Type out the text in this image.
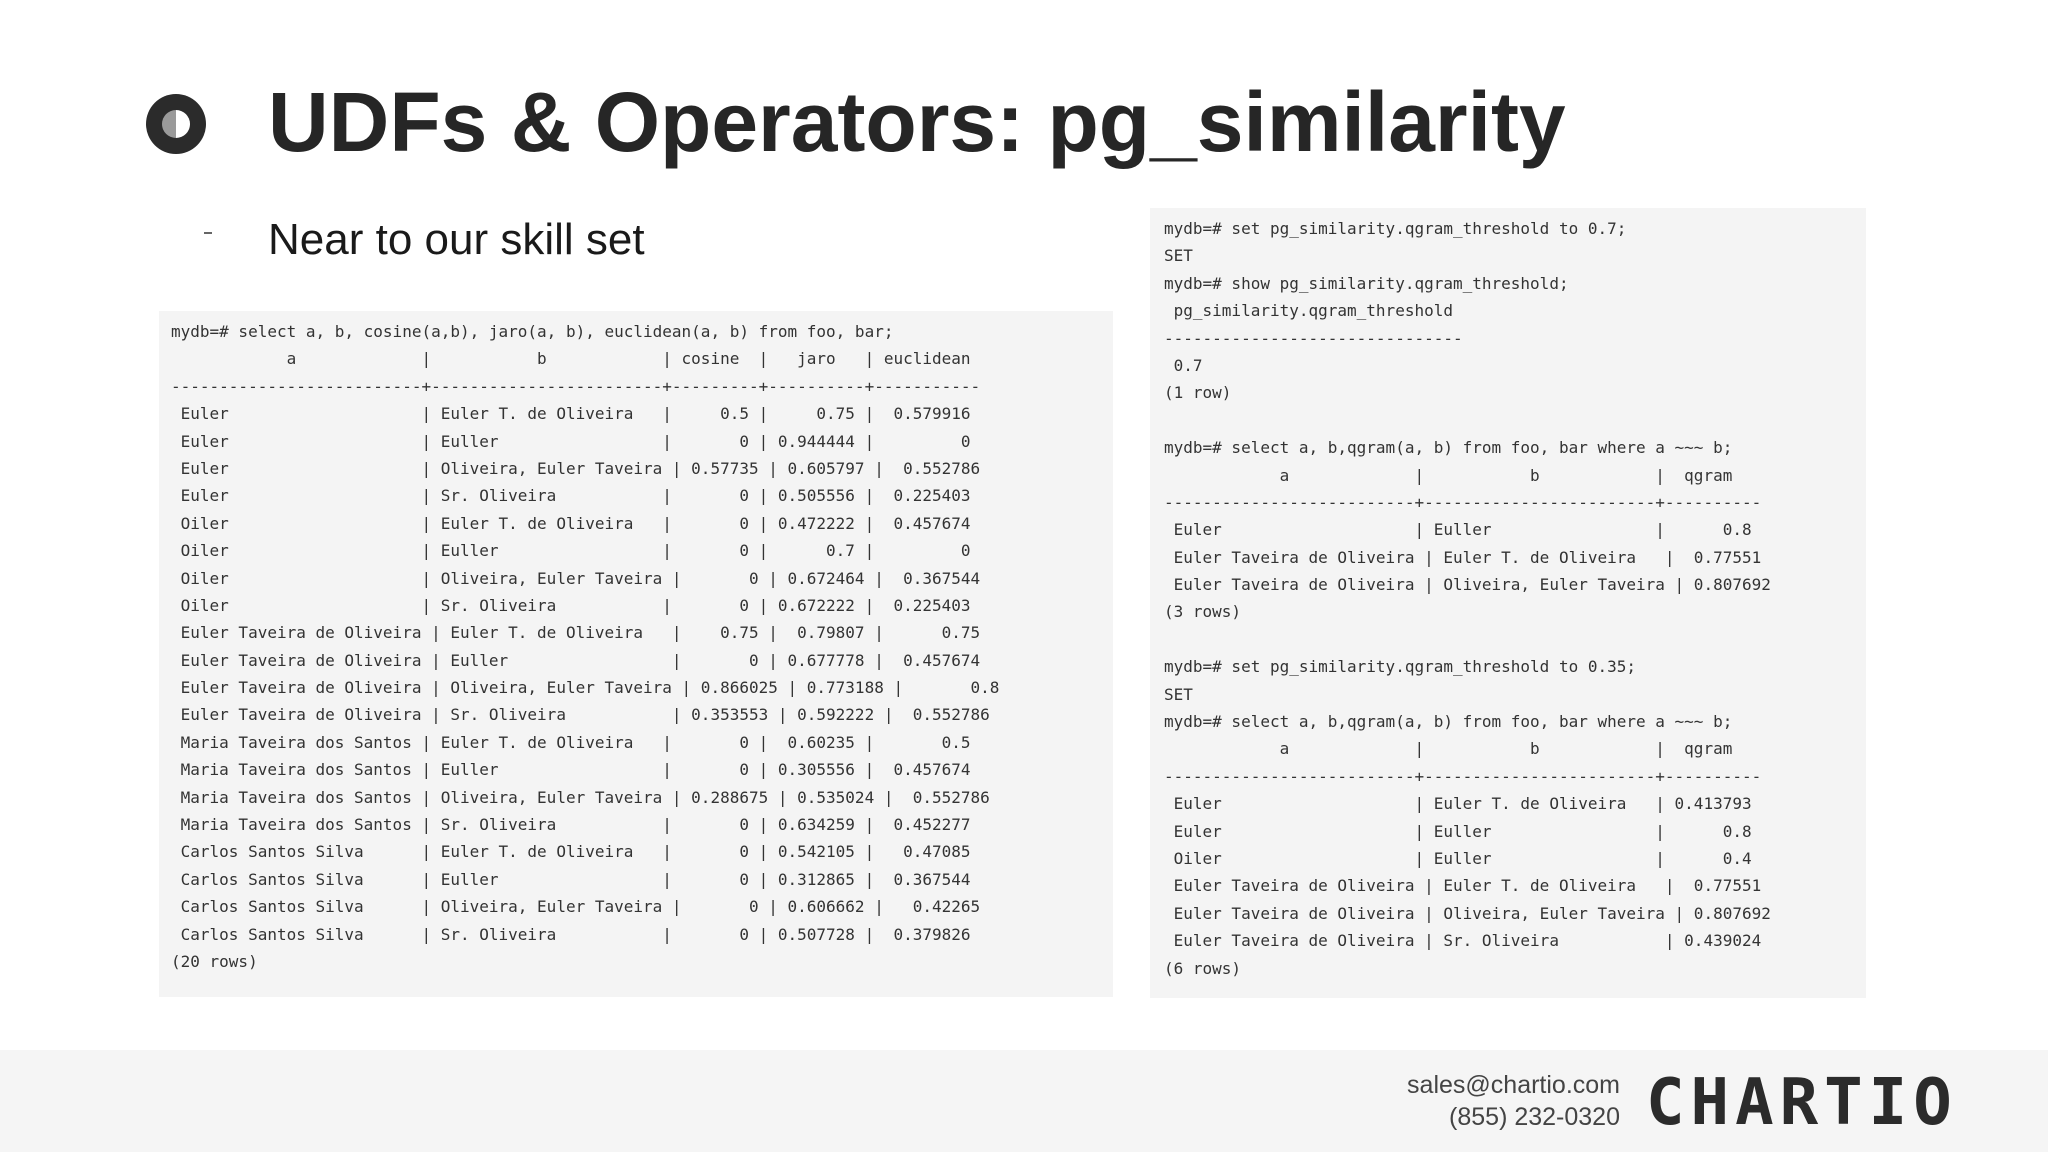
UDFs & Operators: pg_similarity
Near to our skill set
mydb=# select a, b, cosine(a,b), jaro(a, b), euclidean(a, b) from foo, bar;
a             |           b            | cosine  |   jaro   | euclidean
--------------------------+------------------------+---------+----------+-----------
Euler                    | Euler T. de Oliveira   |     0.5 |     0.75 |  0.579916
Euler                    | Euller                 |       0 | 0.944444 |         0
Euler                    | Oliveira, Euler Taveira | 0.57735 | 0.605797 |  0.552786
Euler                    | Sr. Oliveira           |       0 | 0.505556 |  0.225403
Oiler                    | Euler T. de Oliveira   |       0 | 0.472222 |  0.457674
Oiler                    | Euller                 |       0 |      0.7 |         0
Oiler                    | Oliveira, Euler Taveira |       0 | 0.672464 |  0.367544
Oiler                    | Sr. Oliveira           |       0 | 0.672222 |  0.225403
Euler Taveira de Oliveira | Euler T. de Oliveira   |    0.75 |  0.79807 |      0.75
Euler Taveira de Oliveira | Euller                 |       0 | 0.677778 |  0.457674
Euler Taveira de Oliveira | Oliveira, Euler Taveira | 0.866025 | 0.773188 |       0.8
Euler Taveira de Oliveira | Sr. Oliveira           | 0.353553 | 0.592222 |  0.552786
Maria Taveira dos Santos | Euler T. de Oliveira   |       0 |  0.60235 |       0.5
Maria Taveira dos Santos | Euller                 |       0 | 0.305556 |  0.457674
Maria Taveira dos Santos | Oliveira, Euler Taveira | 0.288675 | 0.535024 |  0.552786
Maria Taveira dos Santos | Sr. Oliveira           |       0 | 0.634259 |  0.452277
Carlos Santos Silva      | Euler T. de Oliveira   |       0 | 0.542105 |   0.47085
Carlos Santos Silva      | Euller                 |       0 | 0.312865 |  0.367544
Carlos Santos Silva      | Oliveira, Euler Taveira |       0 | 0.606662 |   0.42265
Carlos Santos Silva      | Sr. Oliveira           |       0 | 0.507728 |  0.379826
(20 rows)
mydb=# set pg_similarity.qgram_threshold to 0.7;
SET
mydb=# show pg_similarity.qgram_threshold;
pg_similarity.qgram_threshold
-------------------------------
0.7
(1 row)

mydb=# select a, b,qgram(a, b) from foo, bar where a ~~~ b;
a             |           b            |  qgram
--------------------------+------------------------+----------
Euler                    | Euller                 |      0.8
Euler Taveira de Oliveira | Euler T. de Oliveira   |  0.77551
Euler Taveira de Oliveira | Oliveira, Euler Taveira | 0.807692
(3 rows)

mydb=# set pg_similarity.qgram_threshold to 0.35;
SET
mydb=# select a, b,qgram(a, b) from foo, bar where a ~~~ b;
a             |           b            |  qgram
--------------------------+------------------------+----------
Euler                    | Euler T. de Oliveira   | 0.413793
Euler                    | Euller                 |      0.8
Oiler                    | Euller                 |      0.4
Euler Taveira de Oliveira | Euler T. de Oliveira   |  0.77551
Euler Taveira de Oliveira | Oliveira, Euler Taveira | 0.807692
Euler Taveira de Oliveira | Sr. Oliveira           | 0.439024
(6 rows)
sales@chartio.com
(855) 232-0320 CHARTIO
